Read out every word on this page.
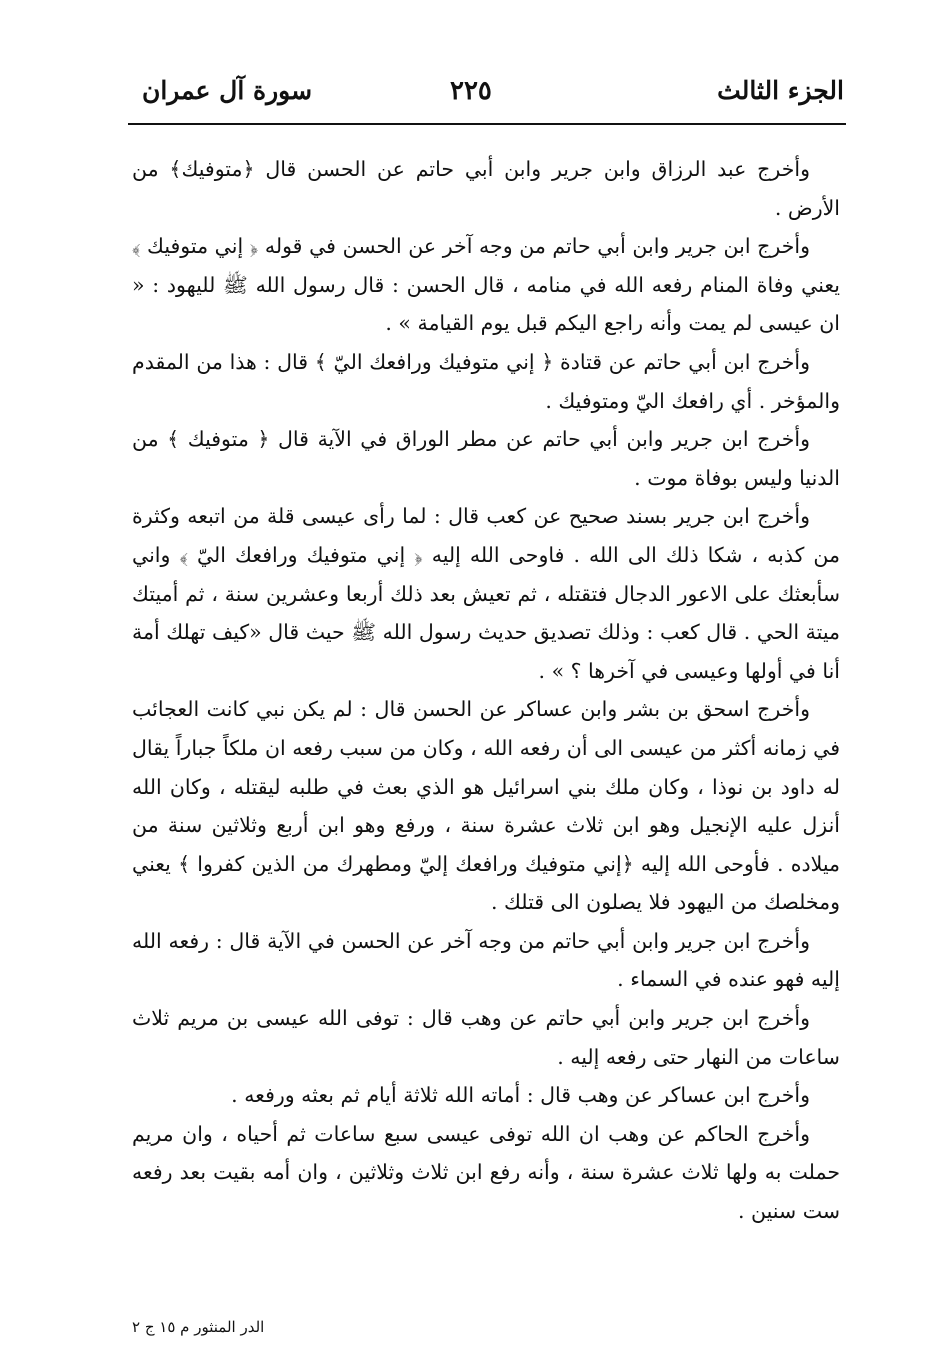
الجزء الثالث
٢٢٥
سورة آل عمران

وأخرج عبد الرزاق وابن جرير وابن أبي حاتم عن الحسن قال ﴿متوفيك﴾ من الأرض .

وأخرج ابن جرير وابن أبي حاتم من وجه آخر عن الحسن في قوله ﴿ إني متوفيك ﴾ يعني وفاة المنام رفعه الله في منامه ، قال الحسن : قال رسول الله ﷺ لليهود : « ان عيسى لم يمت وأنه راجع اليكم قبل يوم القيامة » .

وأخرج ابن أبي حاتم عن قتادة ﴿ إني متوفيك ورافعك اليّ ﴾ قال : هذا من المقدم والمؤخر . أي رافعك اليّ ومتوفيك .

وأخرج ابن جرير وابن أبي حاتم عن مطر الوراق في الآية قال ﴿ متوفيك ﴾ من الدنيا وليس بوفاة موت .

وأخرج ابن جرير بسند صحيح عن كعب قال : لما رأى عيسى قلة من اتبعه وكثرة من كذبه ، شكا ذلك الى الله . فاوحى الله إليه ﴿ إني متوفيك ورافعك اليّ ﴾ واني سأبعثك على الاعور الدجال فتقتله ، ثم تعيش بعد ذلك أربعا وعشرين سنة ، ثم أميتك ميتة الحي . قال كعب : وذلك تصديق حديث رسول الله ﷺ حيث قال «كيف تهلك أمة أنا في أولها وعيسى في آخرها ؟ » .

وأخرج اسحق بن بشر وابن عساكر عن الحسن قال : لم يكن نبي كانت العجائب في زمانه أكثر من عيسى الى أن رفعه الله ، وكان من سبب رفعه ان ملكاً جباراً يقال له داود بن نوذا ، وكان ملك بني اسرائيل هو الذي بعث في طلبه ليقتله ، وكان الله أنزل عليه الإنجيل وهو ابن ثلاث عشرة سنة ، ورفع وهو ابن أربع وثلاثين سنة من ميلاده . فأوحى الله إليه ﴿إني متوفيك ورافعك إليّ ومطهرك من الذين كفروا ﴾ يعني ومخلصك من اليهود فلا يصلون الى قتلك .

وأخرج ابن جرير وابن أبي حاتم من وجه آخر عن الحسن في الآية قال : رفعه الله إليه فهو عنده في السماء .

وأخرج ابن جرير وابن أبي حاتم عن وهب قال : توفى الله عيسى بن مريم ثلاث ساعات من النهار حتى رفعه إليه .

وأخرج ابن عساكر عن وهب قال : أماته الله ثلاثة أيام ثم بعثه ورفعه .

وأخرج الحاكم عن وهب ان الله توفى عيسى سبع ساعات ثم أحياه ، وان مريم حملت به ولها ثلاث عشرة سنة ، وأنه رفع ابن ثلاث وثلاثين ، وان أمه بقيت بعد رفعه ست سنين .

الدر المنثور م ١٥ ج ٢
